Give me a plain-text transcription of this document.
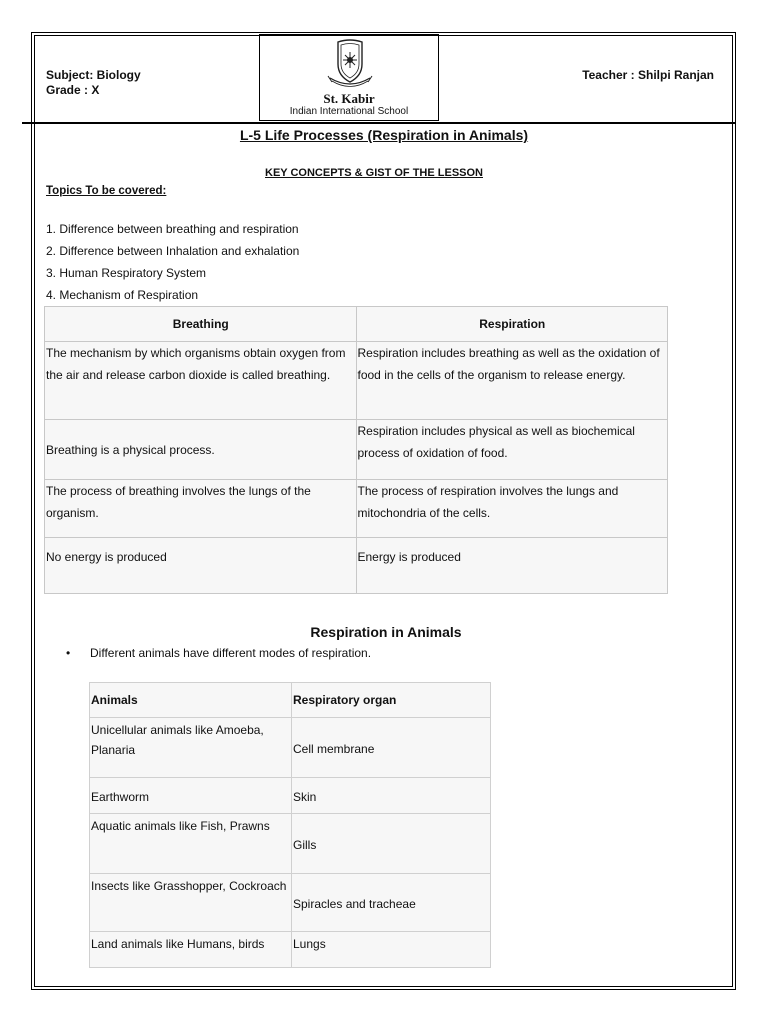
Subject: Biology
Grade : X
St. Kabir
Indian International School
Teacher : Shilpi Ranjan
L-5 Life Processes (Respiration in Animals)
KEY CONCEPTS & GIST OF THE LESSON
Topics To be covered:
1. Difference between breathing and respiration
2. Difference between Inhalation and exhalation
3. Human Respiratory System
4. Mechanism of Respiration
Breathing	Respiration
The mechanism by which organisms obtain oxygen from the air and release carbon dioxide is called breathing.	Respiration includes breathing as well as the oxidation of food in the cells of the organism to release energy.
Breathing is a physical process.	Respiration includes physical as well as biochemical process of oxidation of food.
The process of breathing involves the lungs of the organism.	The process of respiration involves the lungs and mitochondria of the cells.
No energy is produced	Energy is produced
Respiration in Animals
• Different animals have different modes of respiration.
Animals	Respiratory organ
Unicellular animals like Amoeba, Planaria	Cell membrane
Earthworm	Skin
Aquatic animals like Fish, Prawns	Gills
Insects like Grasshopper, Cockroach	Spiracles and tracheae
Land animals like Humans, birds	Lungs
